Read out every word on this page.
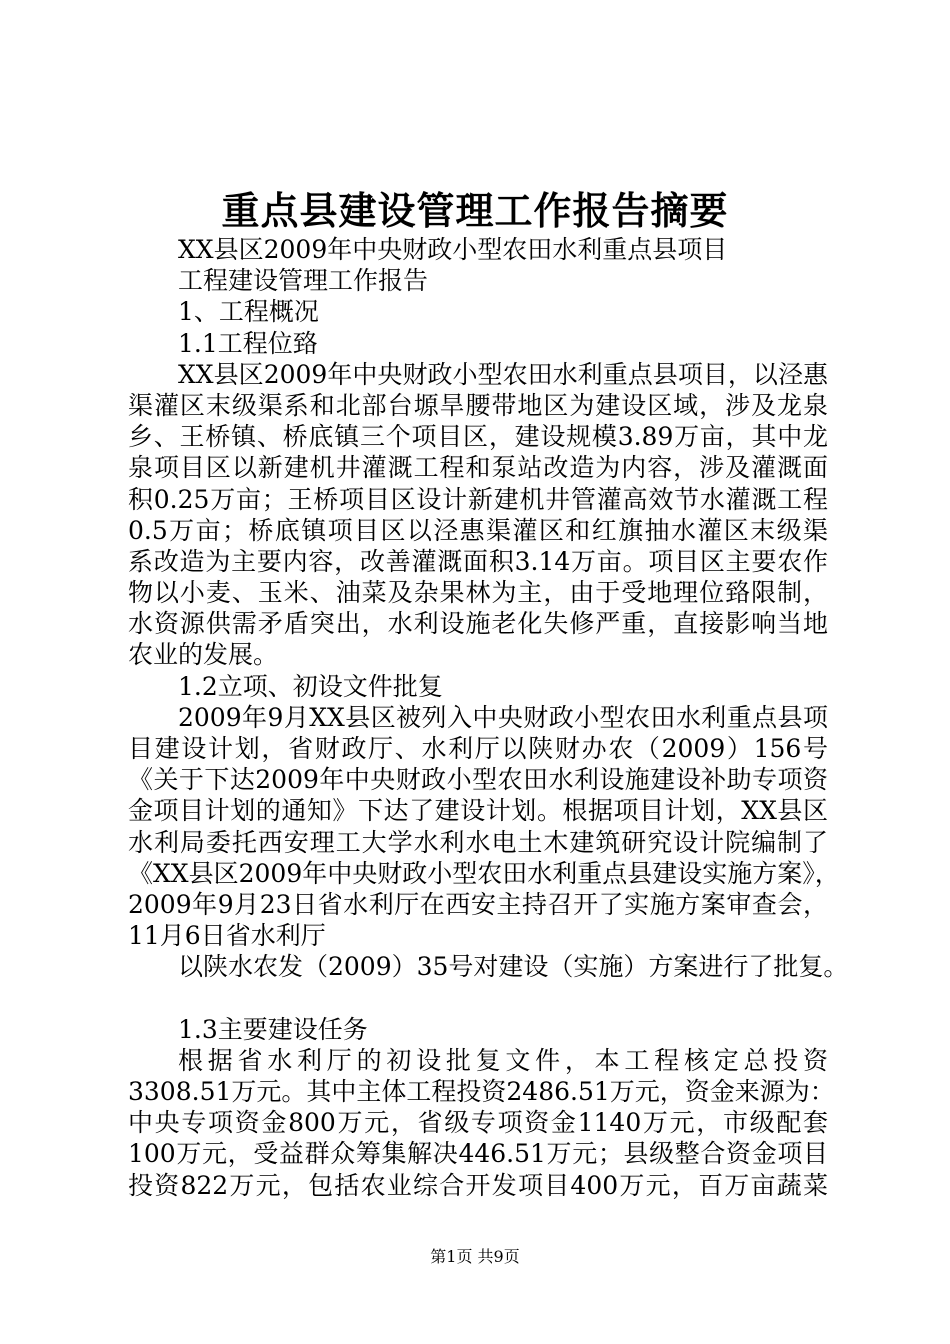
重点县建设管理工作报告摘要
XX县区2009年中央财政小型农田水利重点县项目
工程建设管理工作报告
1、工程概况
1.1工程位臵
XX县区2009年中央财政小型农田水利重点县项目，以泾惠
渠灌区末级渠系和北部台塬旱腰带地区为建设区域，涉及龙泉
乡、王桥镇、桥底镇三个项目区，建设规模3.89万亩，其中龙
泉项目区以新建机井灌溉工程和泵站改造为内容，涉及灌溉面
积0.25万亩；王桥项目区设计新建机井管灌高效节水灌溉工程
0.5万亩；桥底镇项目区以泾惠渠灌区和红旗抽水灌区末级渠
系改造为主要内容，改善灌溉面积3.14万亩。项目区主要农作
物以小麦、玉米、油菜及杂果林为主，由于受地理位臵限制，
水资源供需矛盾突出，水利设施老化失修严重，直接影响当地
农业的发展。
1.2立项、初设文件批复
2009年9月XX县区被列入中央财政小型农田水利重点县项
目建设计划，省财政厅、水利厅以陕财办农（2009）156号
《关于下达2009年中央财政小型农田水利设施建设补助专项资
金项目计划的通知》下达了建设计划。根据项目计划，XX县区
水利局委托西安理工大学水利水电土木建筑研究设计院编制了
《XX县区2009年中央财政小型农田水利重点县建设实施方案》，
2009年9月23日省水利厅在西安主持召开了实施方案审查会，
11月6日省水利厅
以陕水农发（2009）35号对建设（实施）方案进行了批复。
1.3主要建设任务
根据省水利厅的初设批复文件，本工程核定总投资
3308.51万元。其中主体工程投资2486.51万元，资金来源为：
中央专项资金800万元，省级专项资金1140万元，市级配套
100万元，受益群众筹集解决446.51万元；县级整合资金项目
投资822万元，包括农业综合开发项目400万元，百万亩蔬菜
第1页 共9页
